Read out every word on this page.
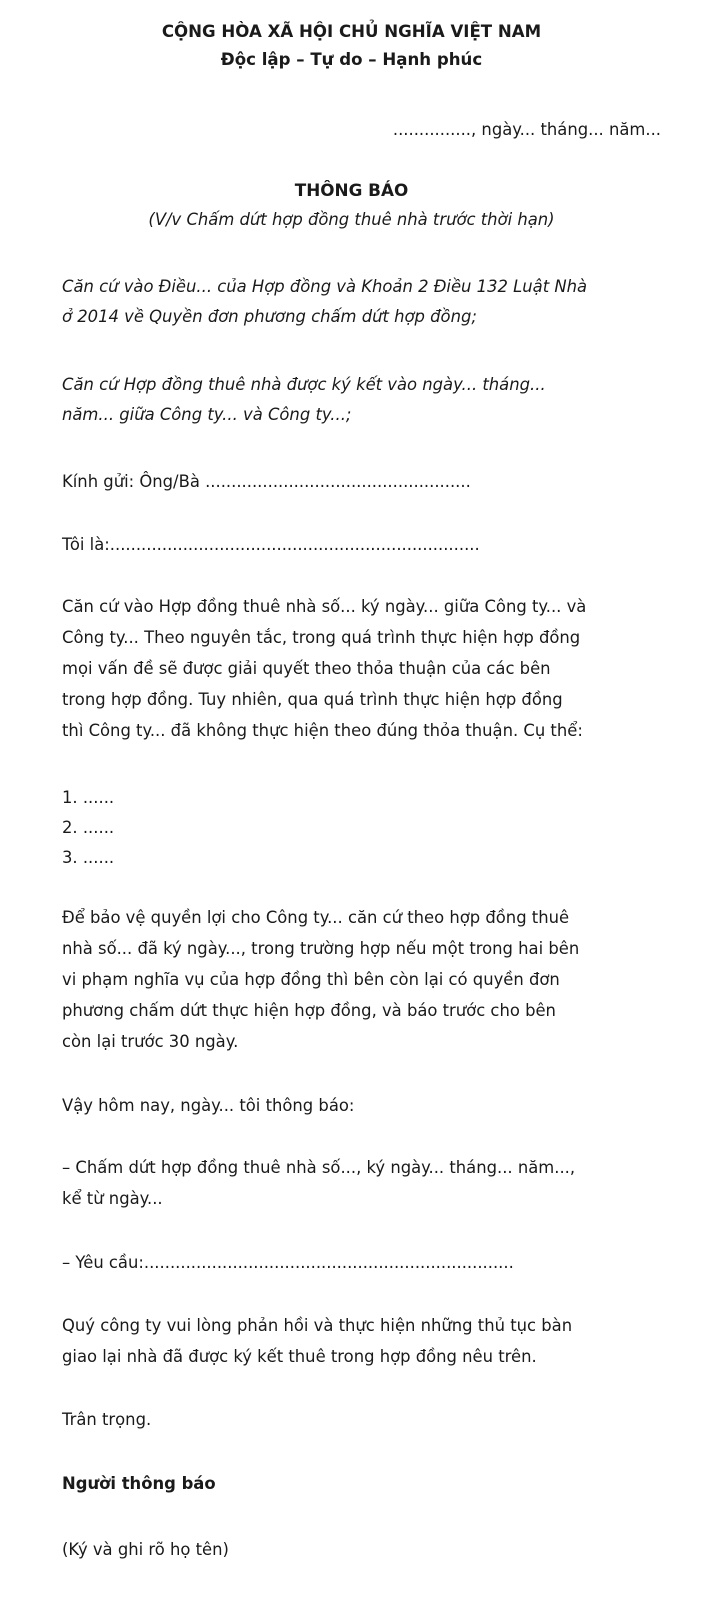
CỘNG HÒA XÃ HỘI CHỦ NGHĨA VIỆT NAM
Độc lập – Tự do – Hạnh phúc
..............., ngày... tháng... năm...
THÔNG BÁO
(V/v Chấm dứt hợp đồng thuê nhà trước thời hạn)
Căn cứ vào Điều... của Hợp đồng và Khoản 2 Điều 132 Luật Nhà
ở 2014 về Quyền đơn phương chấm dứt hợp đồng;
Căn cứ Hợp đồng thuê nhà được ký kết vào ngày... tháng...
năm... giữa Công ty... và Công ty...;
Kính gửi: Ông/Bà ...................................................
Tôi là:.......................................................................
Căn cứ vào Hợp đồng thuê nhà số... ký ngày... giữa Công ty... và
Công ty... Theo nguyên tắc, trong quá trình thực hiện hợp đồng
mọi vấn đề sẽ được giải quyết theo thỏa thuận của các bên
trong hợp đồng. Tuy nhiên, qua quá trình thực hiện hợp đồng
thì Công ty... đã không thực hiện theo đúng thỏa thuận. Cụ thể:
1. ......
2. ......
3. ......
Để bảo vệ quyền lợi cho Công ty... căn cứ theo hợp đồng thuê
nhà số... đã ký ngày..., trong trường hợp nếu một trong hai bên
vi phạm nghĩa vụ của hợp đồng thì bên còn lại có quyền đơn
phương chấm dứt thực hiện hợp đồng, và báo trước cho bên
còn lại trước 30 ngày.
Vậy hôm nay, ngày... tôi thông báo:
– Chấm dứt hợp đồng thuê nhà số..., ký ngày... tháng... năm...,
kể từ ngày...
– Yêu cầu:.......................................................................
Quý công ty vui lòng phản hồi và thực hiện những thủ tục bàn
giao lại nhà đã được ký kết thuê trong hợp đồng nêu trên.
Trân trọng.
Người thông báo
(Ký và ghi rõ họ tên)
